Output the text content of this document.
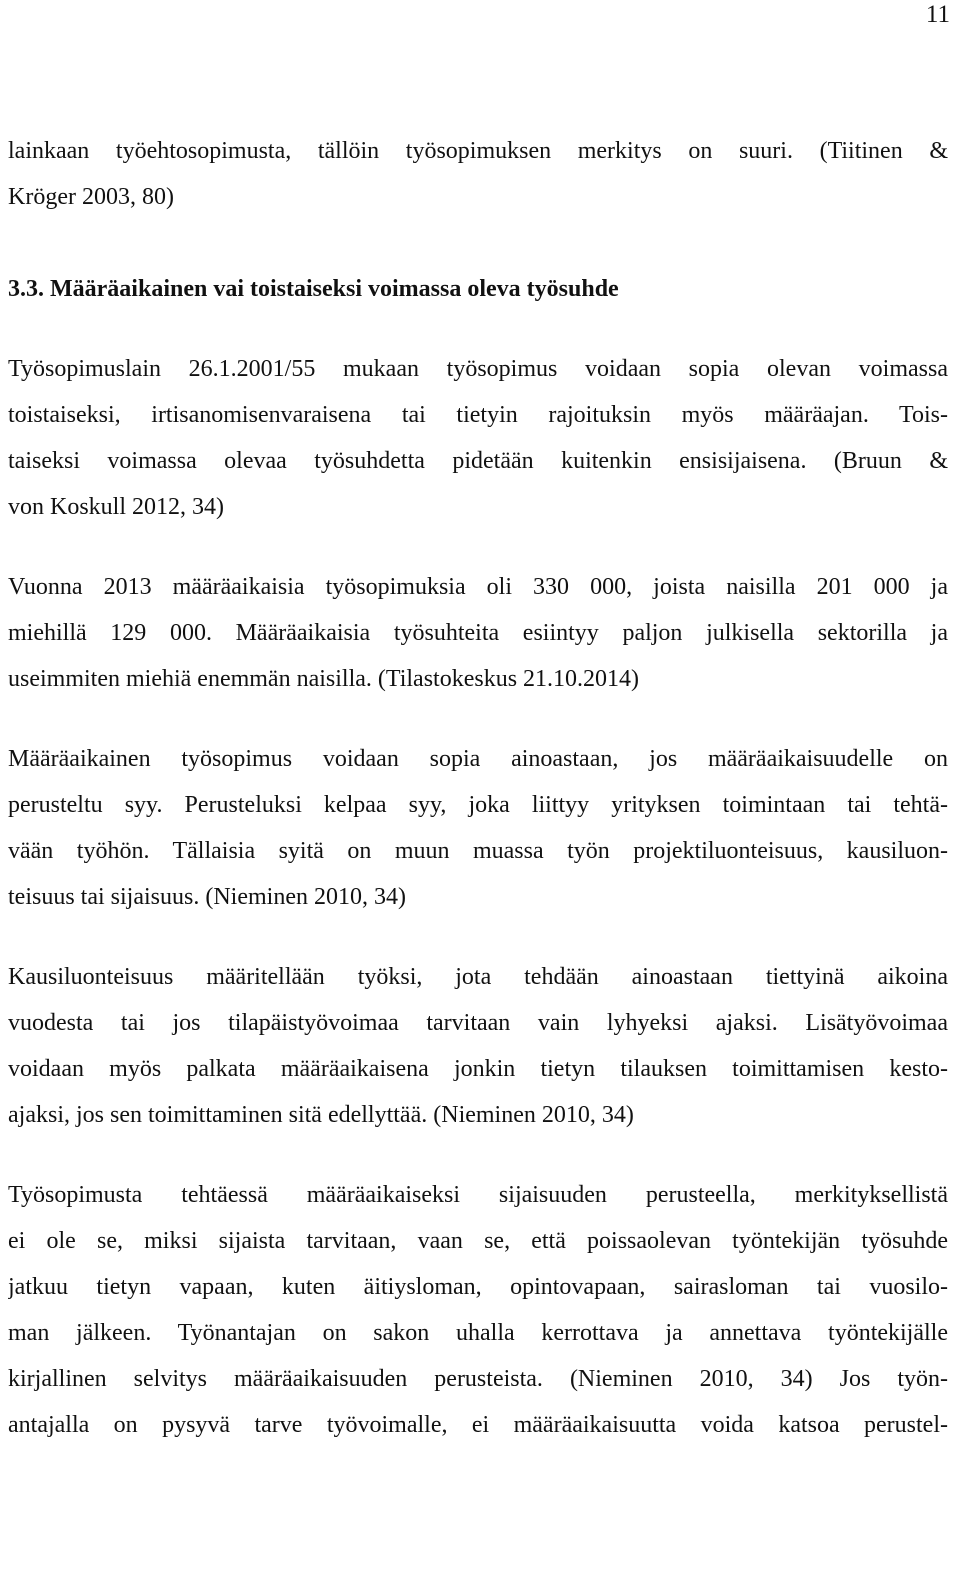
11
lainkaan työehtosopimusta, tällöin työsopimuksen merkitys on suuri. (Tiitinen &
Kröger 2003, 80)
3.3. Määräaikainen vai toistaiseksi voimassa oleva työsuhde
Työsopimuslain 26.1.2001/55 mukaan työsopimus voidaan sopia olevan voimassa
toistaiseksi, irtisanomisenvaraisena tai tietyin rajoituksin myös määräajan. Tois-
taiseksi voimassa olevaa työsuhdetta pidetään kuitenkin ensisijaisena. (Bruun &
von Koskull 2012, 34)
Vuonna 2013 määräaikaisia työsopimuksia oli 330 000, joista naisilla 201 000 ja
miehillä 129 000. Määräaikaisia työsuhteita esiintyy paljon julkisella sektorilla ja
useimmiten miehiä enemmän naisilla. (Tilastokeskus 21.10.2014)
Määräaikainen työsopimus voidaan sopia ainoastaan, jos määräaikaisuudelle on
perusteltu syy. Perusteluksi kelpaa syy, joka liittyy yrityksen toimintaan tai tehtä-
vään työhön. Tällaisia syitä on muun muassa työn projektiluonteisuus, kausiluon-
teisuus tai sijaisuus. (Nieminen 2010, 34)
Kausiluonteisuus määritellään työksi, jota tehdään ainoastaan tiettyinä aikoina
vuodesta tai jos tilapäistyövoimaa tarvitaan vain lyhyeksi ajaksi. Lisätyövoimaa
voidaan myös palkata määräaikaisena jonkin tietyn tilauksen toimittamisen kesto-
ajaksi, jos sen toimittaminen sitä edellyttää. (Nieminen 2010, 34)
Työsopimusta tehtäessä määräaikaiseksi sijaisuuden perusteella, merkityksellistä
ei ole se, miksi sijaista tarvitaan, vaan se, että poissaolevan työntekijän työsuhde
jatkuu tietyn vapaan, kuten äitiysloman, opintovapaan, sairasloman tai vuosilo-
man jälkeen. Työnantajan on sakon uhalla kerrottava ja annettava työntekijälle
kirjallinen selvitys määräaikaisuuden perusteista. (Nieminen 2010, 34) Jos työn-
antajalla on pysyvä tarve työvoimalle, ei määräaikaisuutta voida katsoa perustel-
